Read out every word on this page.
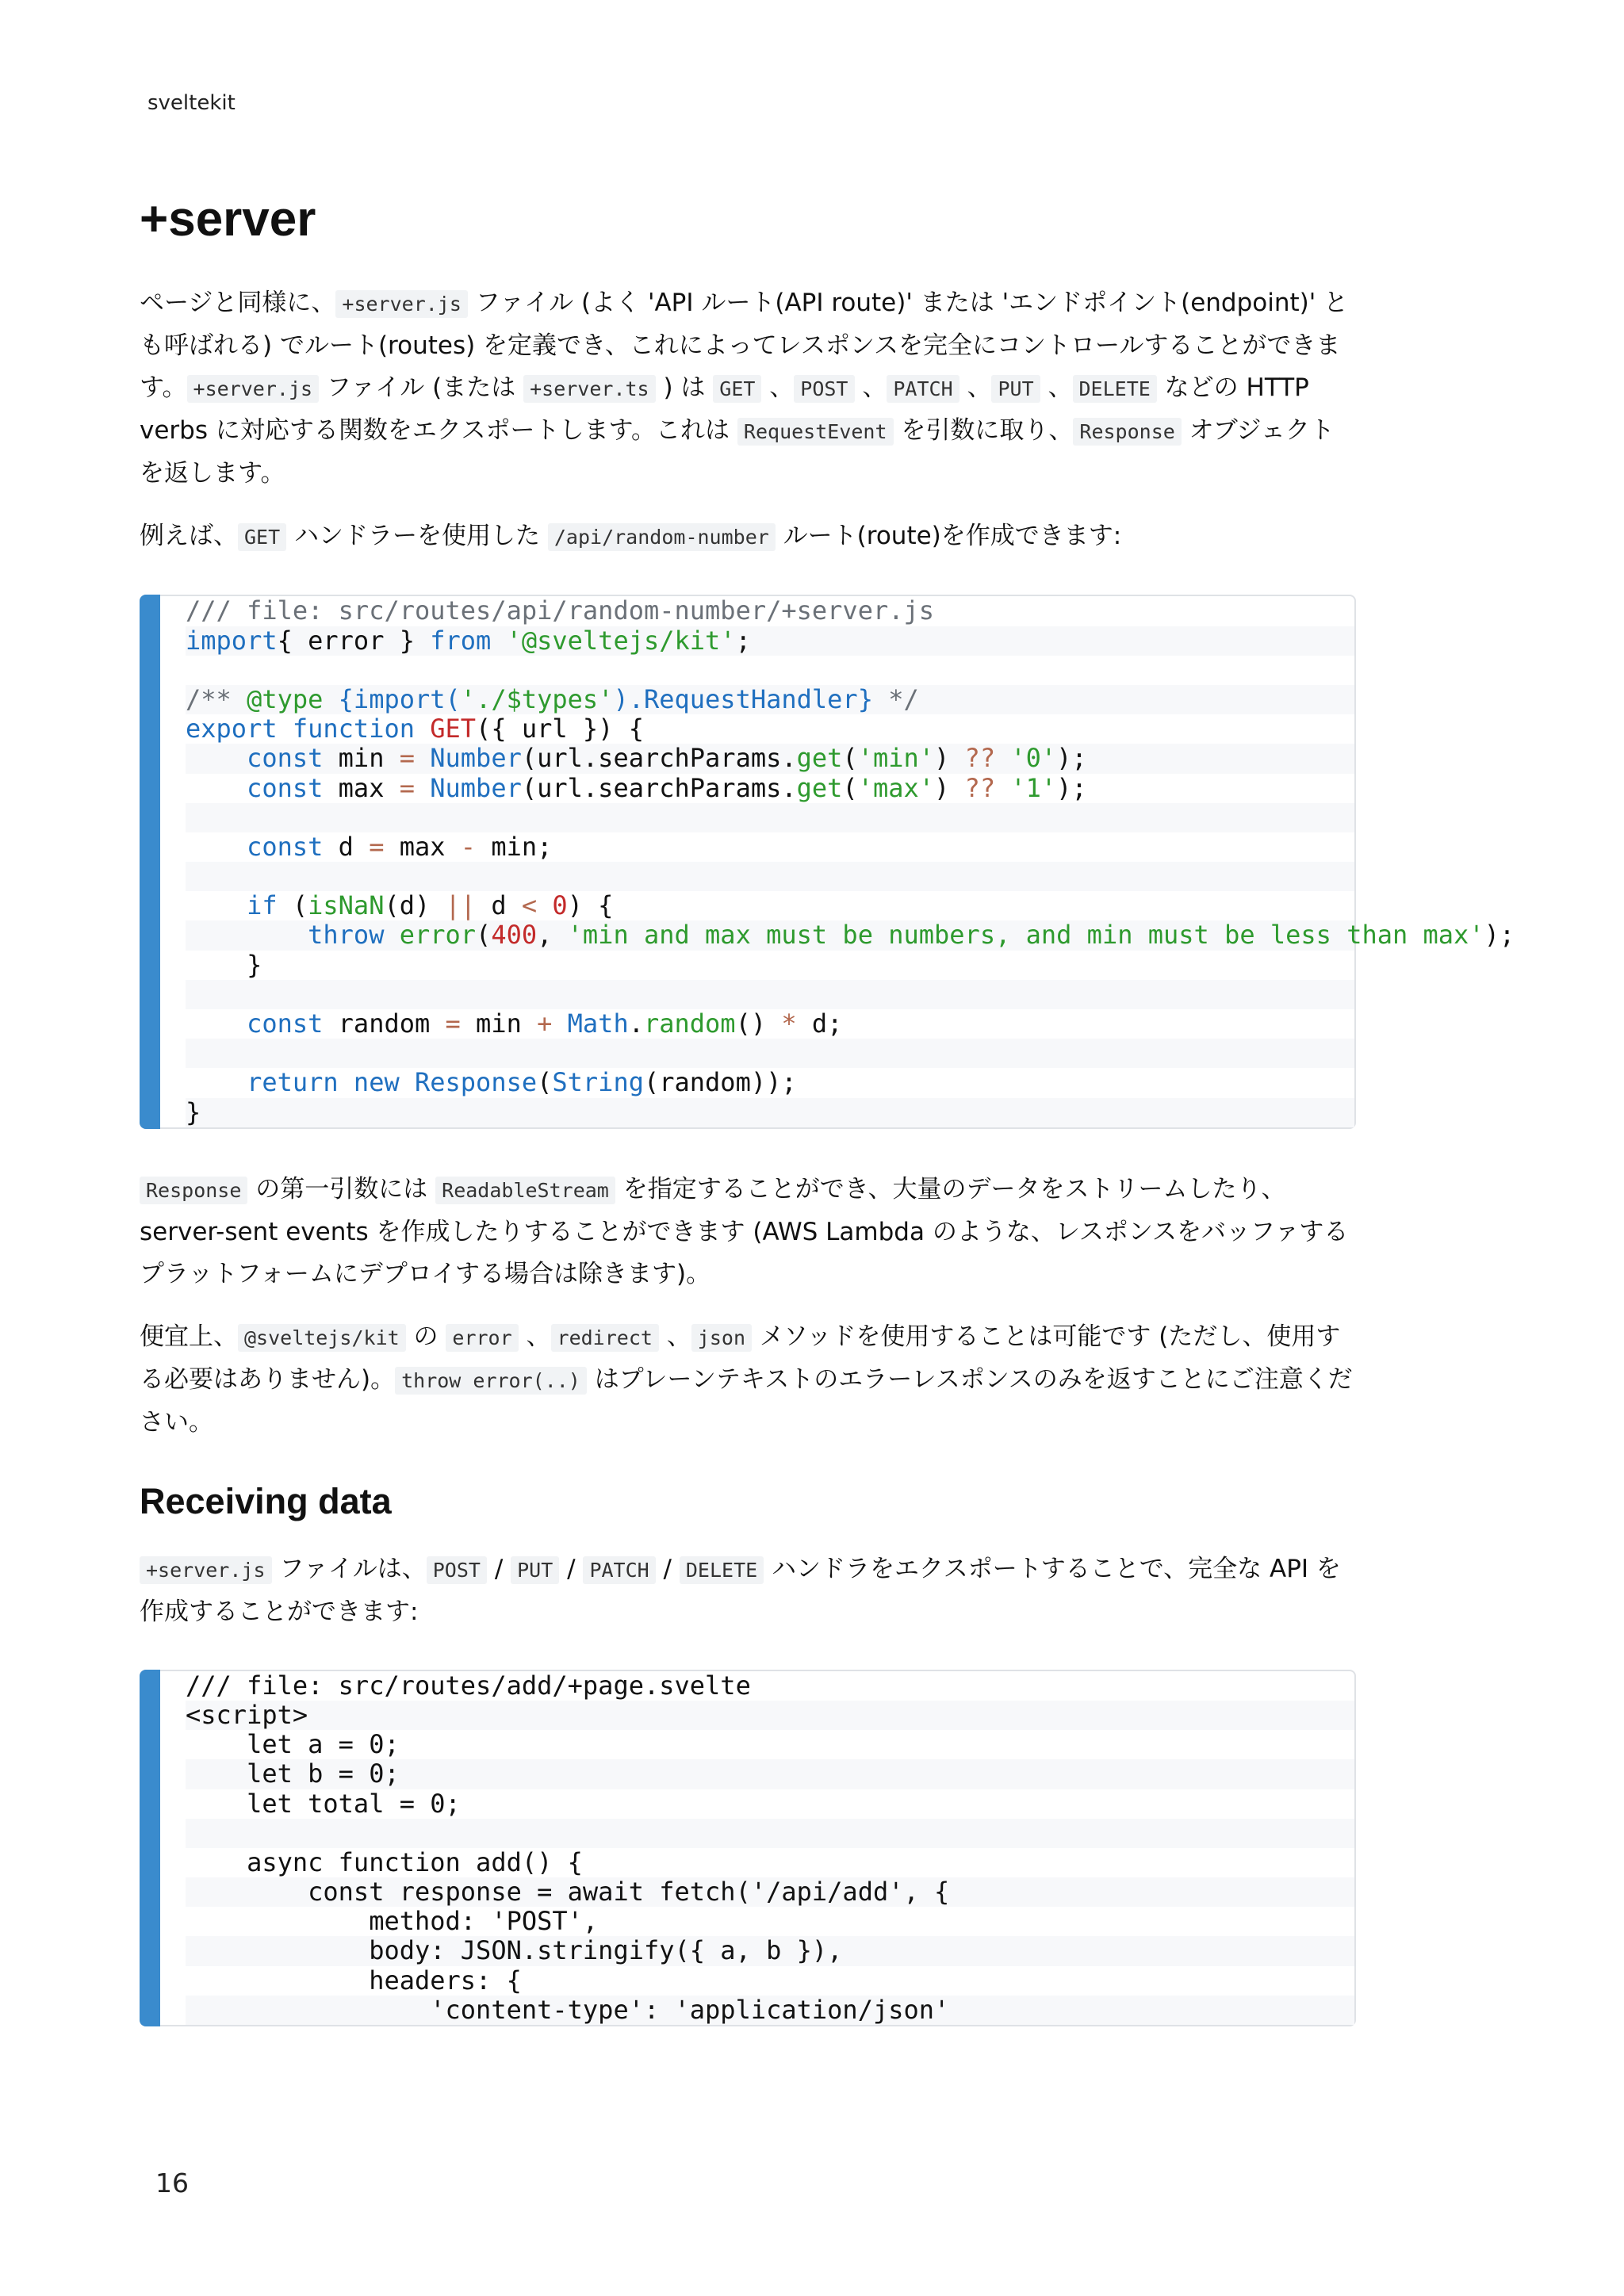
sveltekit
+server

ページと同様に、 +server.js ファイル (よく 'API ルート(API route)' または 'エンドポイント(endpoint)' とも呼ばれる) でルート(routes) を定義でき、これによってレスポンスを完全にコントロールすることができます。 +server.js ファイル (または +server.ts ) は GET 、 POST 、 PATCH 、 PUT 、 DELETE などの HTTP verbs に対応する関数をエクスポートします。これは RequestEvent を引数に取り、 Response オブジェクトを返します。

例えば、 GET ハンドラーを使用した /api/random-number ルート(route)を作成できます:

/// file: src/routes/api/random-number/+server.js
import{ error } from '@sveltejs/kit';

/** @type {import('./$types').RequestHandler} */
export function GET({ url }) {
const min = Number(url.searchParams.get('min') ?? '0');
const max = Number(url.searchParams.get('max') ?? '1');

const d = max - min;

if (isNaN(d) || d < 0) {
throw error(400, 'min and max must be numbers, and min must be less than max');
}

const random = min + Math.random() * d;

return new Response(String(random));
}

Response の第一引数には ReadableStream を指定することができ、大量のデータをストリームしたり、server-sent events を作成したりすることができます (AWS Lambda のような、レスポンスをバッファするプラットフォームにデプロイする場合は除きます)。

便宜上、 @sveltejs/kit の error 、 redirect 、 json メソッドを使用することは可能です (ただし、使用する必要はありません)。 throw error(..) はプレーンテキストのエラーレスポンスのみを返すことにご注意ください。

Receiving data

+server.js ファイルは、 POST / PUT / PATCH / DELETE ハンドラをエクスポートすることで、完全な API を作成することができます:

/// file: src/routes/add/+page.svelte
<script>
let a = 0;
let b = 0;
let total = 0;

async function add() {
const response = await fetch('/api/add', {
method: 'POST',
body: JSON.stringify({ a, b }),
headers: {
'content-type': 'application/json'
16
